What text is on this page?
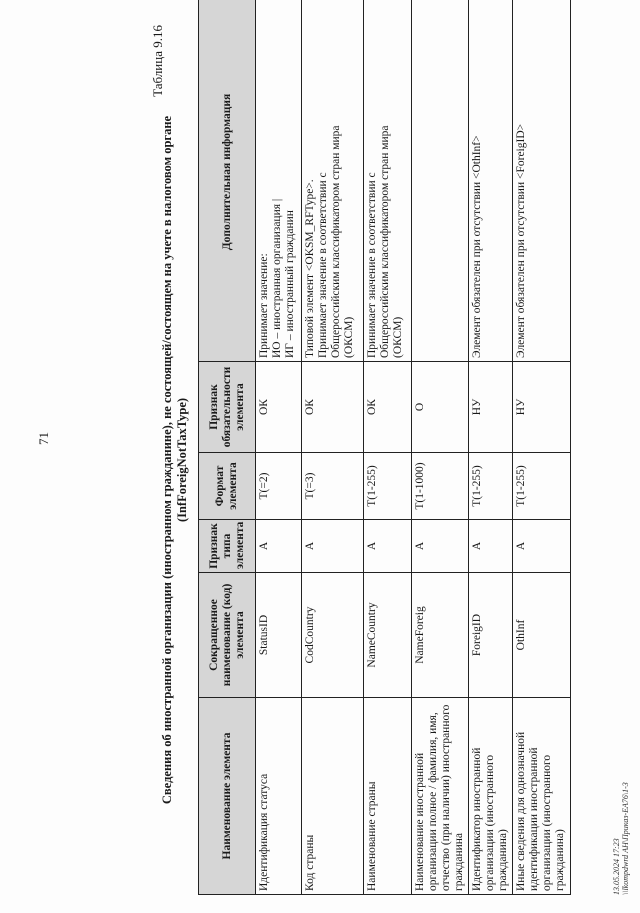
71
Таблица 9.16
Сведения об иностранной организации (иностранном гражданине), не состоящей/состоящем на учете в налоговом органе (InfForeigNotTaxType)
Наименование элемента	Сокращенное наименование (код) элемента	Признак типа элемента	Формат элемента	Признак обязательности элемента	Дополнительная информация
Идентификация статуса	StatusID	А	T(=2)	ОК	Принимает значение: ИО – иностранная организация | ИГ – иностранный гражданин

Код страны	CodCountry	А	T(=3)	ОК	Типовой элемент <OKSM_RFType>. Принимает значение в соответствии с Общероссийским классификатором стран мира (ОКСМ)

Наименование страны	NameCountry	А	T(1-255)	ОК	Принимает значение в соответствии с Общероссийским классификатором стран мира (ОКСМ)

Наименование иностранной организации полное / фамилия, имя, отчество (при наличии) иностранного гражданина	NameForeig	А	T(1-1000)	О	
Идентификатор иностранной организации (иностранного гражданина)	ForeigID	А	T(1-255)	НУ	Элемент обязателен при отсутствии <OthInf>

Иные сведения для однозначной идентификации иностранной организации (иностранного гражданина)	OthInf	А	T(1-255)	НУ	Элемент обязателен при отсутствии <ForeigID>
13.05.2024 17:23 \\lkompdwrd АН\Приказ-ЕА76\1-3
